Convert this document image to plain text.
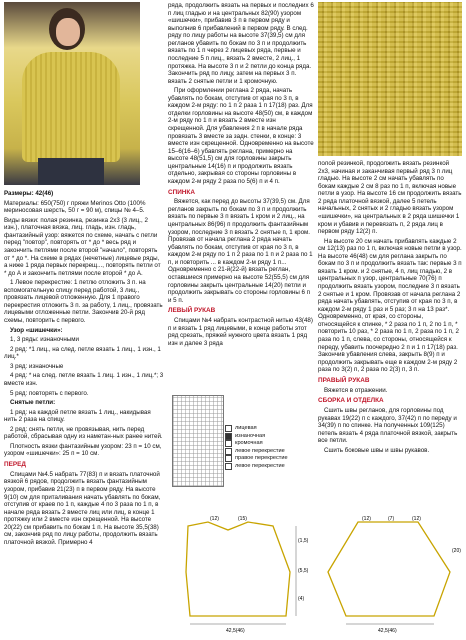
Размеры: 42(46)

Материалы: 650(750) г пряжи Merinos Otto (100% мериносовая шерсть, 50 г = 90 м), спицы № 4–5.

Виды вязки: полая резинка, резинка 2х3 (3 лиц., 2 изн.), платочная вязка, лиц. гладь, изн. гладь, фантазийный узор: вяжется по схеме, начать с петли перед "повтор", повторять от * до * весь ряд и закончить петлями после второй "начало", повторять от * до *. На схеме в рядах (нечетные) лицевые ряды, а ниже 1 ряда первых перекрещ..., повторять петли от * до А и закончить петлями после второй * до А.

1 Левое перекрестие: 1 петлю отложить 3 п. на вспомогательную спицу перед работой, 3 лиц., провязать лицевой отложенную. Для 1 правого перекрестия отложить 3 п. за работу, 1 лиц., провязать лицевыми отложенные петли. Закончив 20-й ряд схемы, повторить с первого.

Узор «шишечки»:

1, 3 ряды: изнаночными

2 ряд: *1 лиц., на след. петле вязать 1 лиц., 1 изн., 1 лиц.*

3 ряд: изнаночные

4 ряд: * на след. петле вязать 1 лиц. 1 изн., 1 лиц.*; 3 вместе изн.

5 ряд: повторять с первого.

Снятые петли:

1 ряд: на каждой петле вязать 1 лиц., накидывая нить 2 раза на спицу.

2 ряд: снять петли, не провязывая, нить перед работой, сбрасывая одну из наметан-ных ранее нитей.

Плотность вязки фантазийным узором: 23 п = 10 см, узором «шишечки»: 25 п = 10 см.

ПЕРЕД

Спицами №4.5 набрать 77(83) п и вязать платочной вязкой 6 рядов, продолжить вязать фантазийным узором, прибавив 21(23) п в первом ряду. На высоте 9(10) см для приталивания начать убавлять по бокам, отступив от краев по 1 п, каждые 4 по 3 раза по 1 п, в начале ряда вязать 2 вместе лиц или лиц, в конце 1 протяжку или 2 вместе изн скрещенной. На высоте 20(22) см прибавить по бокам 1 п. На высоте 35,5(38) см, закончив ряд по лицу работы, продолжить вязать платочной вязкой. Примерно 4

ряда, продолжить вязать на первых и последних 6 п лиц гладью и на центральных 82(90) узором «шишечки», прибавив 3 п в первом ряду и выполнив 6 прибавлений в первом ряду. В след. ряду по лицу работы на высоте 37(39,5) см для регланов убавить по бокам по 3 п и продолжить вязать по 1 п через 2 лицевых ряда, первые и последние 5 п лиц., вязать 2 вместе, 2 лиц., 1 протяжка. На высоте 3 п и 2 петли до конца ряда. Закончить ряд по лицу, затем на первых 3 п. вязать 2 снятые петли и 1 кромочную.

При оформлении реглана 2 ряда, начать убавлять по бокам, отступив от края по 3 п, в каждом 2-м ряду: по 1 п 2 раза 1 п 17(18) раз. Для отделки горловины на высоте 48(50) см, в каждом 2-м ряду по 1 п и вязать 2 вместе изн скрещенной. Для убавления 2 п в начале ряда провязать 3 вместе за задн. стенки, в конце: 3 вместе изн скрещенной. Одновременно на высоте 15–6(16–6) убавлять реглана, примерно на высоте 48(51,5) см для горловины закрыть центральные 14(16) п и продолжить вязать отдельно, закрывая со стороны горловины в каждом 2-м ряду 2 раза по 5(6) п и 4 п.

СПИНКА

Вяжется, как перед до высоты 37(39,5) см. Для регланов закрыть по бокам по 3 п и продолжить вязать по первые 3 п вязать 1 кром и 2 лиц., на центральных 86(96) п продолжить фантазийным узором, последние 3 п вязать 2 снятые п, 1 кром. Провязав от начала реглана 2 ряда начать убавлять по бокам, отступив от края по 3 п, в каждом 2-м ряду по 1 п 2 раза по 1 п и 2 раза по 1 п, и повторить ... в каждом 2-м ряду 1 п... Одновременно с 21-й(22-й) вязать реглан, оставшиеся примерно на высоте 52(55,5) см для горловины закрыть центральные 14(20) петли и продолжить закрывать со стороны горловины 6 п и 5 п.

ЛЕВЫЙ РУКАВ

Спицами №4 набрать контрастной нитью 43(48) п и вязать 1 ряд лицевыми, в конце работы этот ряд срезать, пряжей нужного цвета вязать 1 ряд изн и далее 3 ряда

лицевая
изнаночная
кромочная
левое перекрестие
правое перекрестие
левое перекрестие

полой резинкой, продолжить вязать резинкой 2х3, начиная и заканчивая первый ряд 3 п лиц гладью. На высоте 2 см начать убавлять по бокам каждые 2 см 8 раз по 1 п, включая новые петли в узор. На высоте 16 см продолжить вязать 2 ряда платочной вязкой, далее 5 петель начальных, 2 снятых и 2 гладью вязать узором «шишечки», на центральных в 2 ряда шишечки 1 кром и убавив и перевязать п, 2 ряда лиц в первом ряду 12(2) п.

На высоте 20 см начать прибавлять каждые 2 см 12(13) раз по 1 п, включая новые петли в узор. На высоте 46(48) см для реглана закрыть по бокам по 3 п и продолжить вязать так: первые 3 п вязать 1 кром. и 2 снятые, 4 п, лиц гладью, 2 в центральных п узор, центральные 70(76) п продолжить вязать узором, последние 3 п вязать 2 снятые и 1 кром. Провязав от начала реглана 2 ряда начать убавлять, отступив от края по 3 п, в каждом 2-м ряду 1 раз и 5 раз; 3 п на 13 раз*. Одновременно, от края, со стороны, относящейся к спинке, * 2 раза по 1 п, 2 по 1 п, * повторить 10 раз, * 2 раза по 1 п, 2 раза по 1 п, 2 раза по 1 п, слева, со стороны, относящейся к переду, убавить поочередно 2 п и 1 п 17(18) раз. Закончив убавления слева, закрыть 8(9) п и продолжить закрывать еще в каждом 2-м ряду 2 раза по 3(2) п, 2 раза по 2(3) п, 3 п.

ПРАВЫЙ РУКАВ

Вяжется в отражении.

СБОРКА И ОТДЕЛКА

Сшить швы регланов, для горловины под рукавах 19(22) п с каждого, 37(42) п по переду и 34(39) п по спинке. На полученных 109(125) петель вязать 4 ряда платочной вязкой, закрыть все петли.

Сшить боковые швы и швы рукавов.

(12)	(15)
(1,5)
(5,5)
(4)
42,5(46)
(12)	(7)	(12)
(20)
42,5(46)
